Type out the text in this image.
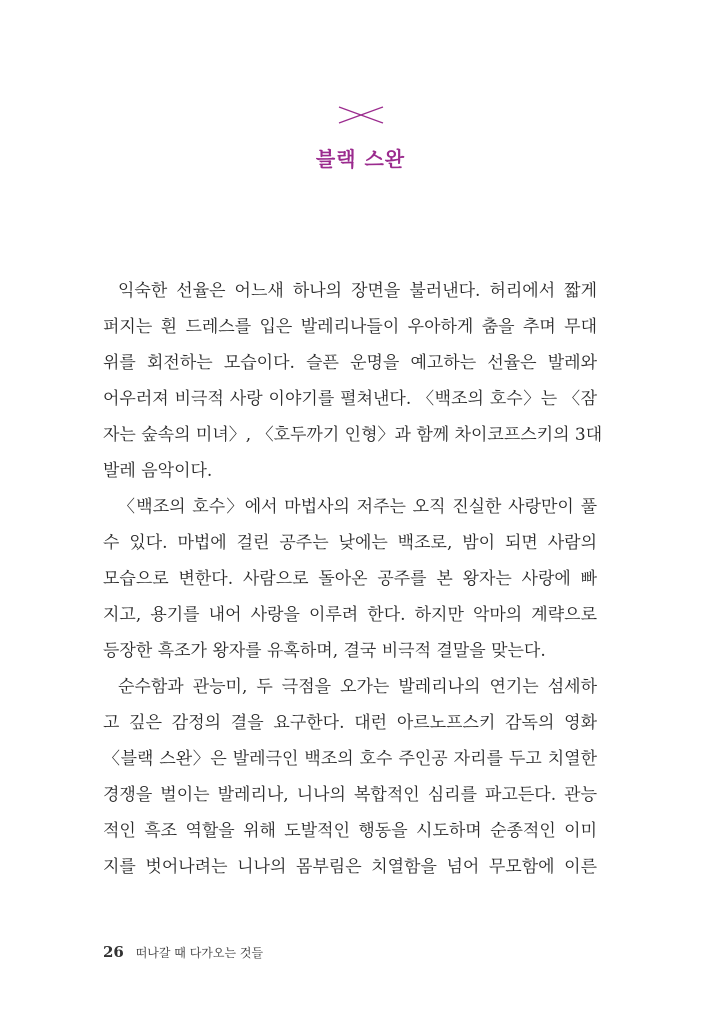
블랙 스완
익숙한 선율은 어느새 하나의 장면을 불러낸다. 허리에서 짧게
퍼지는 흰 드레스를 입은 발레리나들이 우아하게 춤을 추며 무대
위를 회전하는 모습이다. 슬픈 운명을 예고하는 선율은 발레와
어우러져 비극적 사랑 이야기를 펼쳐낸다. 〈백조의 호수〉는 〈잠
자는 숲속의 미녀〉, 〈호두까기 인형〉과 함께 차이코프스키의 3대
발레 음악이다.
〈백조의 호수〉에서 마법사의 저주는 오직 진실한 사랑만이 풀
수 있다. 마법에 걸린 공주는 낮에는 백조로, 밤이 되면 사람의
모습으로 변한다. 사람으로 돌아온 공주를 본 왕자는 사랑에 빠
지고, 용기를 내어 사랑을 이루려 한다. 하지만 악마의 계략으로
등장한 흑조가 왕자를 유혹하며, 결국 비극적 결말을 맞는다.
순수함과 관능미, 두 극점을 오가는 발레리나의 연기는 섬세하
고 깊은 감정의 결을 요구한다. 대런 아르노프스키 감독의 영화
〈블랙 스완〉은 발레극인 백조의 호수 주인공 자리를 두고 치열한
경쟁을 벌이는 발레리나, 니나의 복합적인 심리를 파고든다. 관능
적인 흑조 역할을 위해 도발적인 행동을 시도하며 순종적인 이미
지를 벗어나려는 니나의 몸부림은 치열함을 넘어 무모함에 이른
26 떠나갈 때 다가오는 것들
